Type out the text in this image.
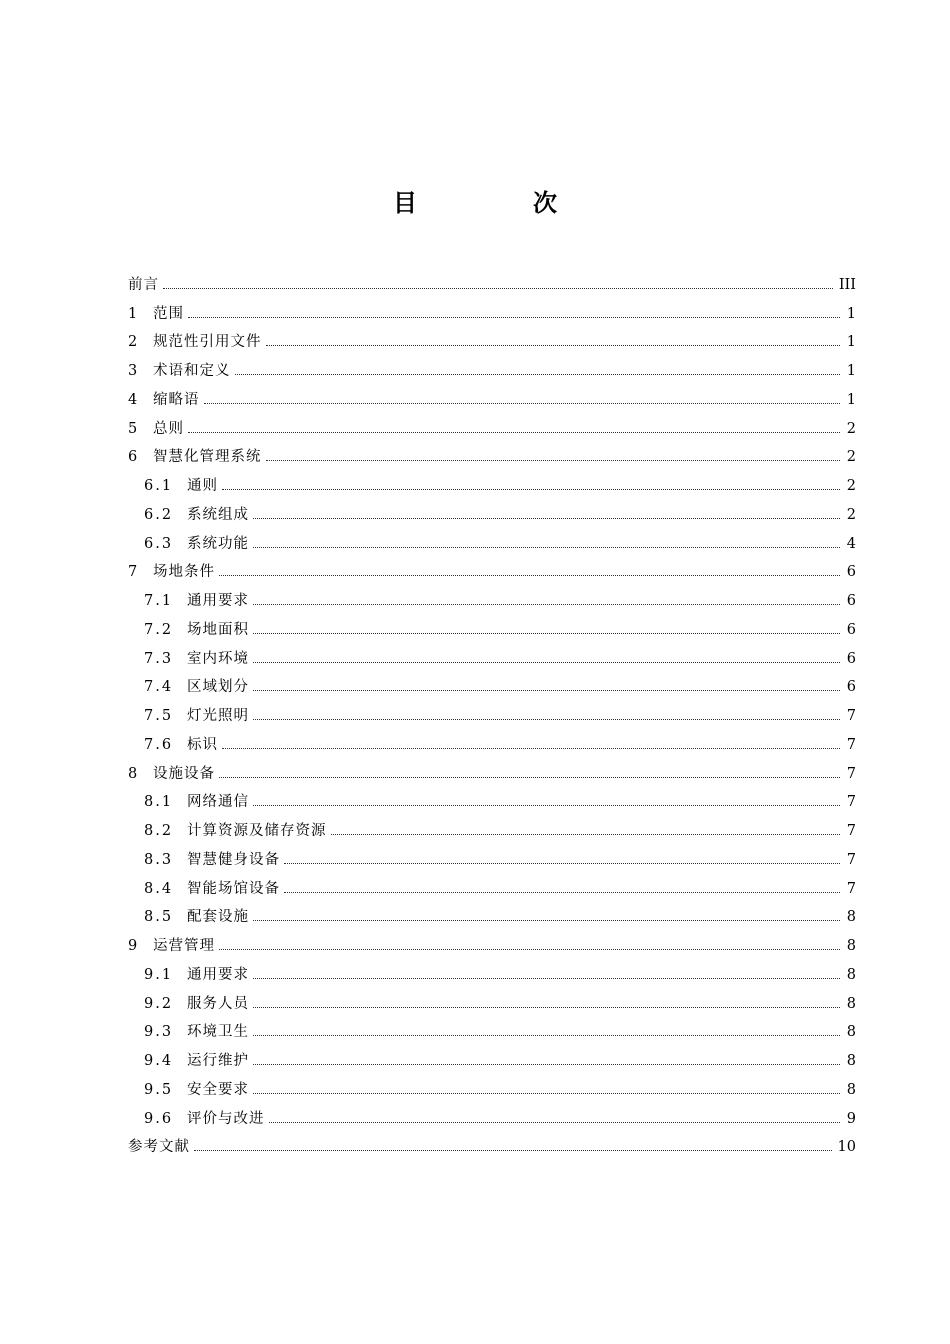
目　次
前言	III
1 范围	1
2 规范性引用文件	1
3 术语和定义	1
4 缩略语	1
5 总则	2
6 智慧化管理系统	2
6.1 通则	2
6.2 系统组成	2
6.3 系统功能	4
7 场地条件	6
7.1 通用要求	6
7.2 场地面积	6
7.3 室内环境	6
7.4 区域划分	6
7.5 灯光照明	7
7.6 标识	7
8 设施设备	7
8.1 网络通信	7
8.2 计算资源及储存资源	7
8.3 智慧健身设备	7
8.4 智能场馆设备	7
8.5 配套设施	8
9 运营管理	8
9.1 通用要求	8
9.2 服务人员	8
9.3 环境卫生	8
9.4 运行维护	8
9.5 安全要求	8
9.6 评价与改进	9
参考文献	10
